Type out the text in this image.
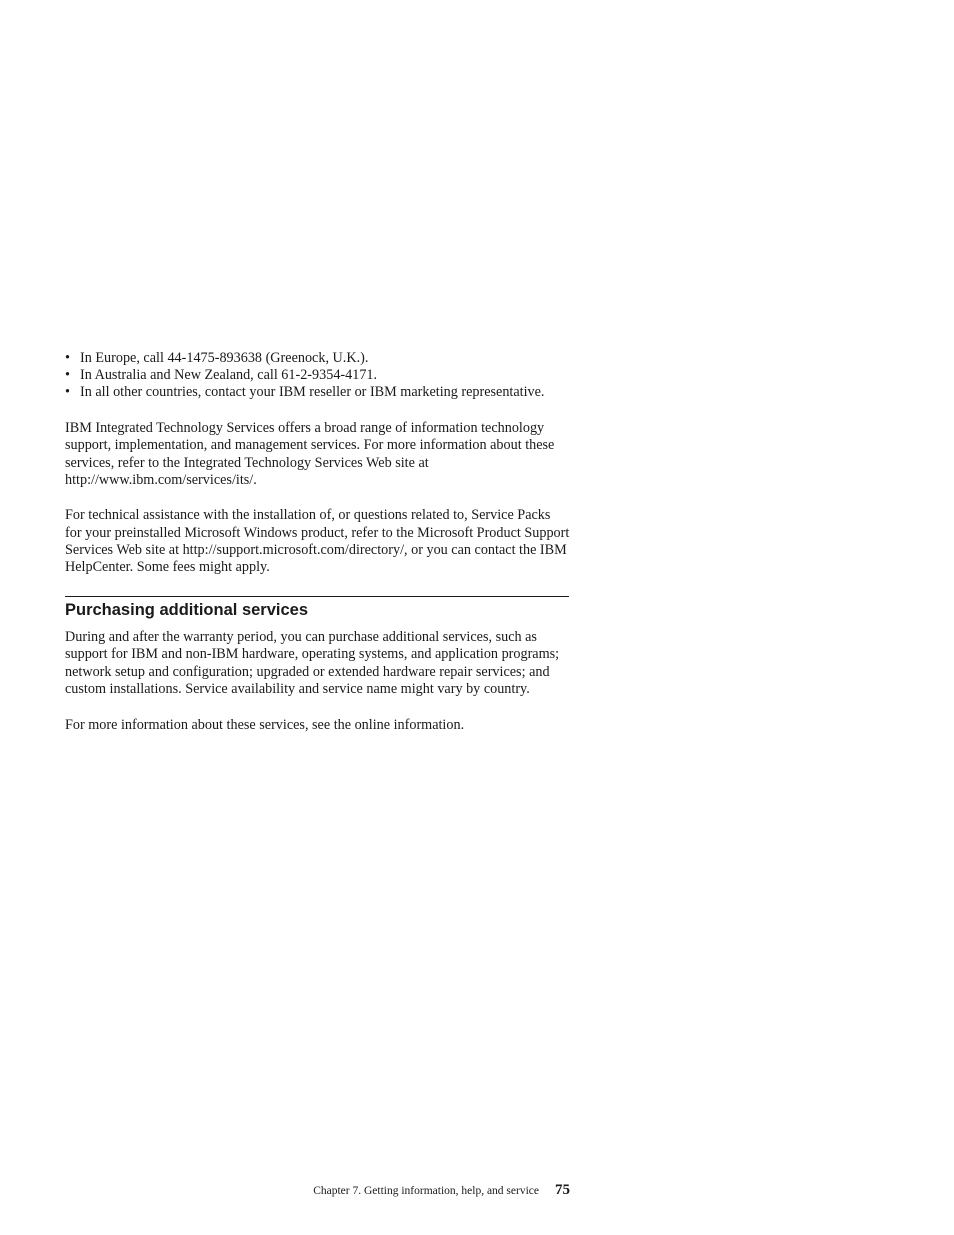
• In Europe, call 44-1475-893638 (Greenock, U.K.).
• In Australia and New Zealand, call 61-2-9354-4171.
• In all other countries, contact your IBM reseller or IBM marketing representative.

IBM Integrated Technology Services offers a broad range of information technology support, implementation, and management services. For more information about these services, refer to the Integrated Technology Services Web site at http://www.ibm.com/services/its/.

For technical assistance with the installation of, or questions related to, Service Packs for your preinstalled Microsoft Windows product, refer to the Microsoft Product Support Services Web site at http://support.microsoft.com/directory/, or you can contact the IBM HelpCenter. Some fees might apply.

Purchasing additional services

During and after the warranty period, you can purchase additional services, such as support for IBM and non-IBM hardware, operating systems, and application programs; network setup and configuration; upgraded or extended hardware repair services; and custom installations. Service availability and service name might vary by country.

For more information about these services, see the online information.

Chapter 7. Getting information, help, and service 75
